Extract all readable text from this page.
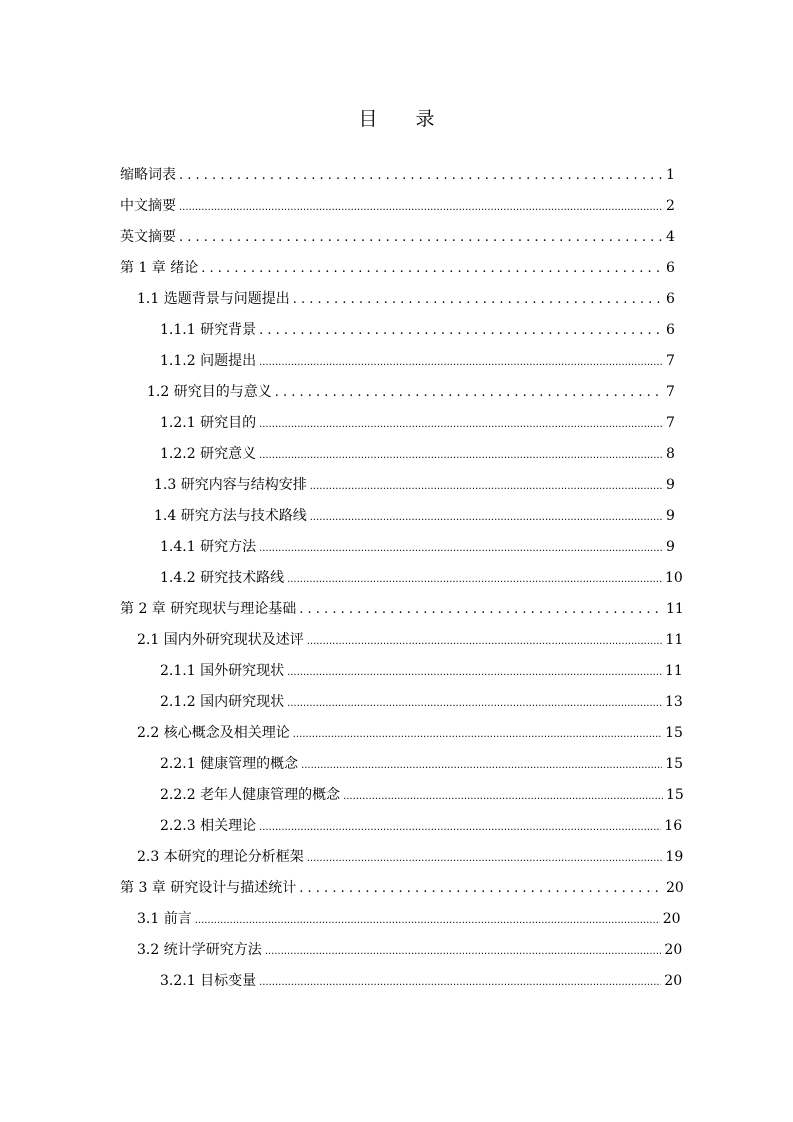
目 录
缩略词表 . . .	1
中文摘要 .....	2
英文摘要 . . .	4
第 1 章 绪论 . . .	6
1.1 选题背景与问题提出 . . .	6
1.1.1 研究背景 . . .	6
1.1.2 问题提出 .....	7
1.2 研究目的与意义 . . .	7
1.2.1 研究目的 .....	7
1.2.2 研究意义 .....	8
1.3 研究内容与结构安排 .....	9
1.4 研究方法与技术路线 .....	9
1.4.1 研究方法 .....	9
1.4.2 研究技术路线 .....	10
第 2 章 研究现状与理论基础 . . .	11
2.1 国内外研究现状及述评 .....	11
2.1.1 国外研究现状 .....	11
2.1.2 国内研究现状 .....	13
2.2 核心概念及相关理论 .....	15
2.2.1 健康管理的概念 .....	15
2.2.2 老年人健康管理的概念 .....	15
2.2.3 相关理论 .....	16
2.3 本研究的理论分析框架 .....	19
第 3 章 研究设计与描述统计 . . .	20
3.1 前言 .....	20
3.2 统计学研究方法 .....	20
3.2.1 目标变量 .....	20
